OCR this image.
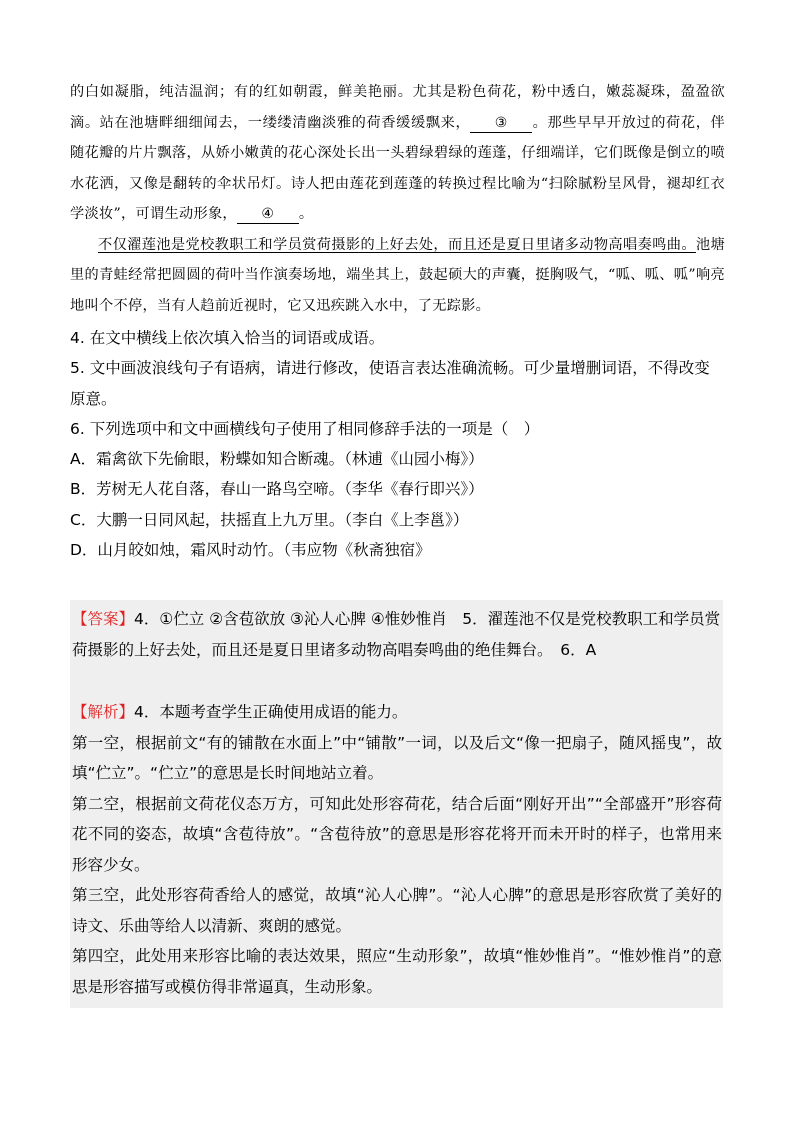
的白如凝脂，纯洁温润；有的红如朝霞，鲜美艳丽。尤其是粉色荷花，粉中透白，嫩蕊凝珠，盈盈欲滴。站在池塘畔细细闻去，一缕缕清幽淡雅的荷香缓缓飘来， ③ 。那些早早开放过的荷花，伴随花瓣的片片飘落，从娇小嫩黄的花心深处长出一头碧绿碧绿的莲蓬，仔细端详，它们既像是倒立的喷水花洒，又像是翻转的伞状吊灯。诗人把由莲花到莲蓬的转换过程比喻为“扫除腻粉呈风骨，褪却红衣学淡妆”，可谓生动形象， ④ 。

不仅濯莲池是党校教职工和学员赏荷摄影的上好去处，而且还是夏日里诸多动物高唱奏鸣曲。池塘里的青蛙经常把圆圆的荷叶当作演奏场地，端坐其上，鼓起硕大的声囊，挺胸吸气，“呱、呱、呱”响亮地叫个不停，当有人趋前近视时，它又迅疾跳入水中，了无踪影。

4. 在文中横线上依次填入恰当的词语或成语。

5. 文中画波浪线句子有语病，请进行修改，使语言表达准确流畅。可少量增删词语，不得改变原意。

6. 下列选项中和文中画横线句子使用了相同修辞手法的一项是（　）

A．霜禽欲下先偷眼，粉蝶如知合断魂。（林逋《山园小梅》）

B．芳树无人花自落，春山一路鸟空啼。（李华《春行即兴》）

C．大鹏一日同风起，扶摇直上九万里。（李白《上李邕》）

D．山月皎如烛，霜风时动竹。（韦应物《秋斋独宿》

【答案】4．①伫立 ②含苞欲放 ③沁人心脾 ④惟妙惟肖　5．濯莲池不仅是党校教职工和学员赏荷摄影的上好去处，而且还是夏日里诸多动物高唱奏鸣曲的绝佳舞台。　6．A

【解析】4．本题考查学生正确使用成语的能力。

第一空，根据前文“有的铺散在水面上”中“铺散”一词，以及后文“像一把扇子，随风摇曳”，故填“伫立”。“伫立”的意思是长时间地站立着。

第二空，根据前文荷花仪态万方，可知此处形容荷花，结合后面“刚好开出”“全部盛开”形容荷花不同的姿态，故填“含苞待放”。“含苞待放”的意思是形容花将开而未开时的样子，也常用来形容少女。

第三空，此处形容荷香给人的感觉，故填“沁人心脾”。“沁人心脾”的意思是形容欣赏了美好的诗文、乐曲等给人以清新、爽朗的感觉。

第四空，此处用来形容比喻的表达效果，照应“生动形象”，故填“惟妙惟肖”。“惟妙惟肖”的意思是形容描写或模仿得非常逼真，生动形象。
